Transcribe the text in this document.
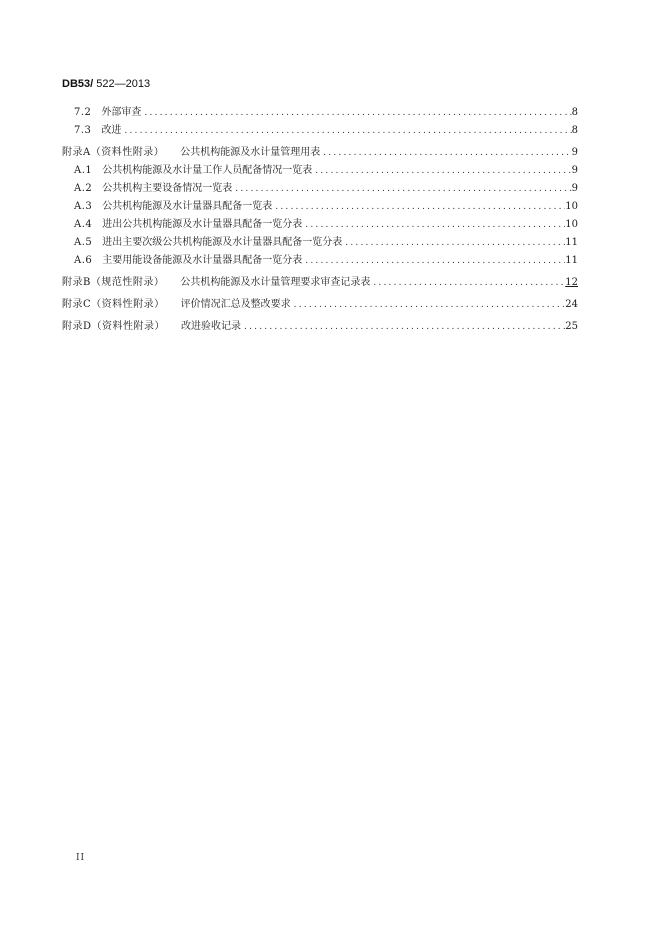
DB53/ 522—2013
7.2	外部审查 .....	8
7.3	改进 .....	8
附录A（资料性附录）	公共机构能源及水计量管理用表 .....	9
A.1	公共机构能源及水计量工作人员配备情况一览表 .....	9
A.2	公共机构主要设备情况一览表 .....	9
A.3	公共机构能源及水计量器具配备一览表 .....	10
A.4	进出公共机构能源及水计量器具配备一览分表 .....	10
A.5	进出主要次级公共机构能源及水计量器具配备一览分表 .....	11
A.6	主要用能设备能源及水计量器具配备一览分表 .....	11
附录B（规范性附录）	公共机构能源及水计量管理要求审查记录表 .....	12
附录C（资料性附录）	评价情况汇总及整改要求 .....	24
附录D（资料性附录）	改进验收记录 .....	25
II
